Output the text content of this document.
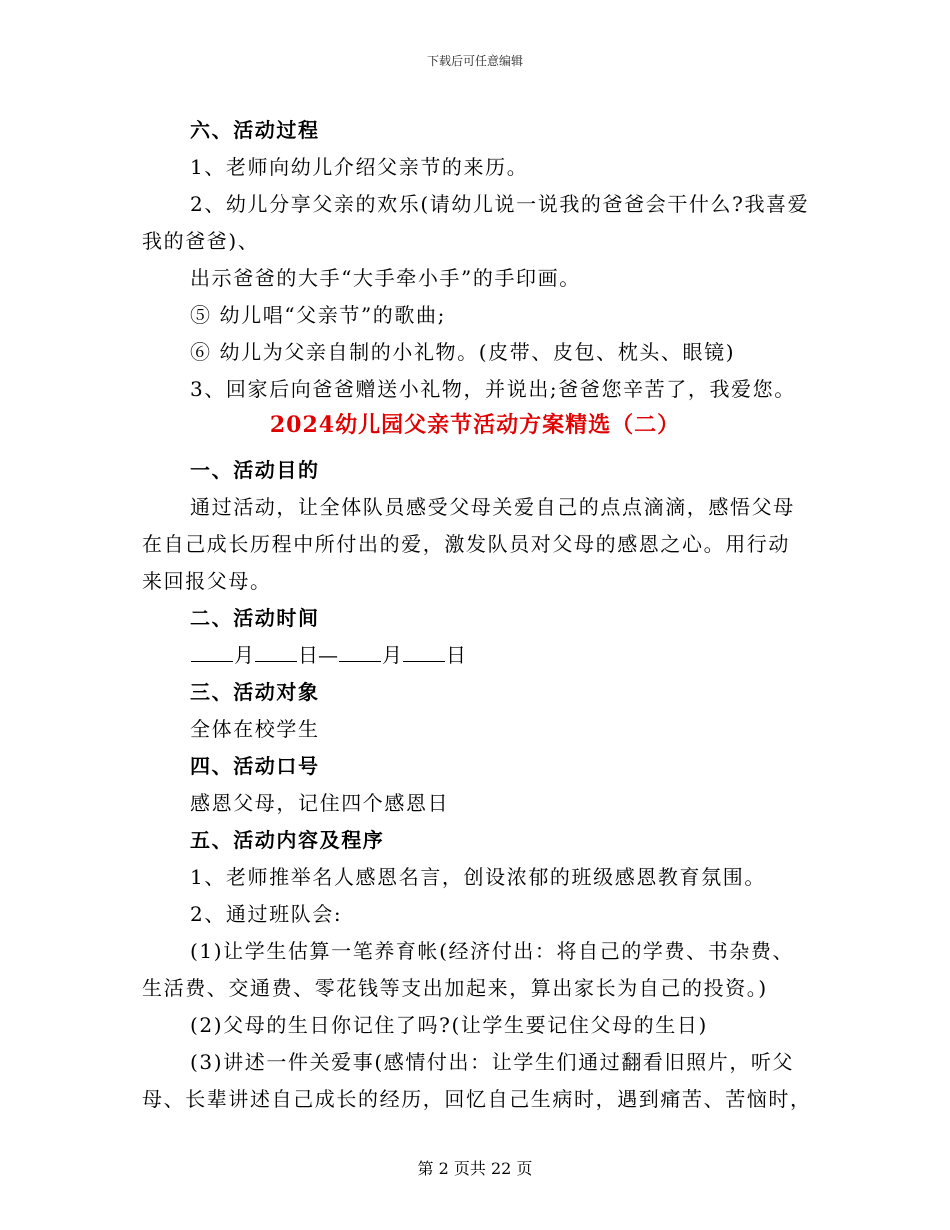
下载后可任意编辑
六、活动过程
1、老师向幼儿介绍父亲节的来历。
2、幼儿分享父亲的欢乐(请幼儿说一说我的爸爸会干什么?我喜爱
我的爸爸)、
出示爸爸的大手“大手牵小手”的手印画。
⑤ 幼儿唱“父亲节”的歌曲;
⑥ 幼儿为父亲自制的小礼物。(皮带、皮包、枕头、眼镜)
3、回家后向爸爸赠送小礼物，并说出;爸爸您辛苦了，我爱您。
2024幼儿园父亲节活动方案精选（二）
一、活动目的
通过活动，让全体队员感受父母关爱自己的点点滴滴，感悟父母
在自己成长历程中所付出的爱，激发队员对父母的感恩之心。用行动
来回报父母。
二、活动时间
月 日— 月 日
三、活动对象
全体在校学生
四、活动口号
感恩父母，记住四个感恩日
五、活动内容及程序
1、老师推举名人感恩名言，创设浓郁的班级感恩教育氛围。
2、通过班队会:
(1)让学生估算一笔养育帐(经济付出：将自己的学费、书杂费、
生活费、交通费、零花钱等支出加起来，算出家长为自己的投资。)
(2)父母的生日你记住了吗?(让学生要记住父母的生日)
(3)讲述一件关爱事(感情付出：让学生们通过翻看旧照片，听父
母、长辈讲述自己成长的经历，回忆自己生病时，遇到痛苦、苦恼时，
第 2 页共 22 页
